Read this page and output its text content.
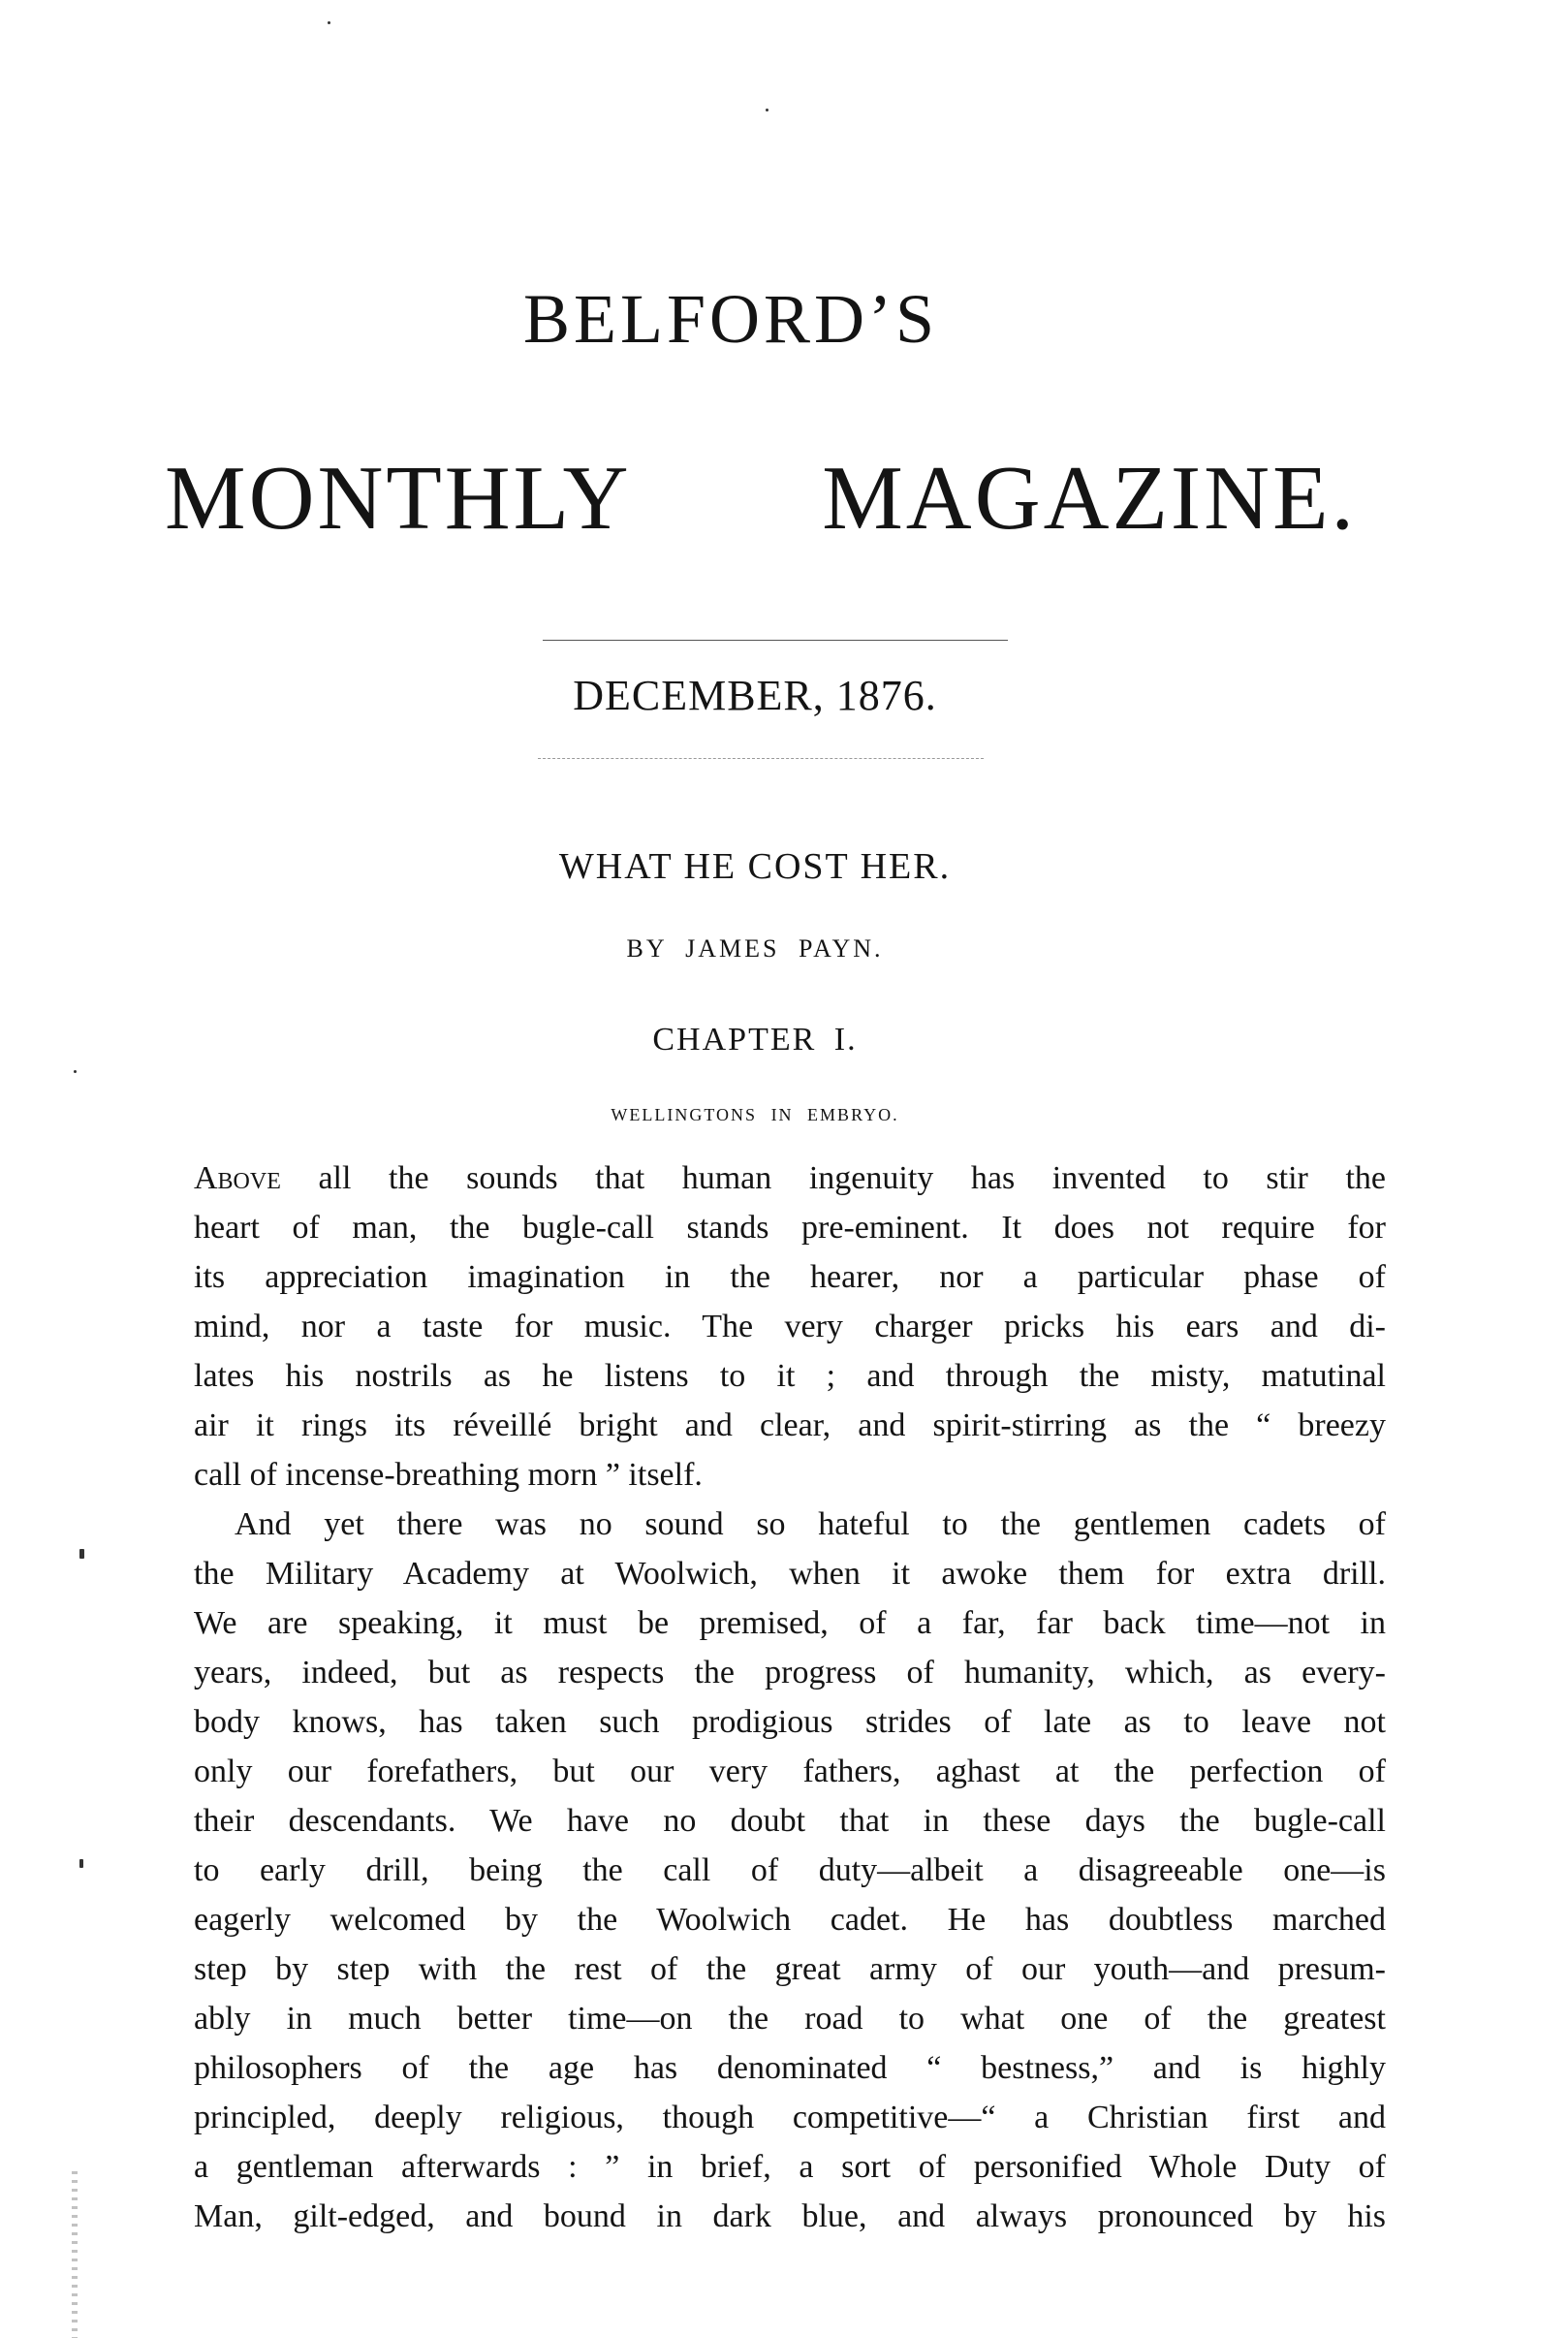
BELFORD’S
MONTHLY MAGAZINE.
DECEMBER, 1876.
WHAT HE COST HER.
BY JAMES PAYN.
CHAPTER I.
WELLINGTONS IN EMBRYO.
Above all the sounds that human ingenuity has invented to stir the
heart of man, the bugle-call stands pre-eminent. It does not require for
its appreciation imagination in the hearer, nor a particular phase of
mind, nor a taste for music. The very charger pricks his ears and di-
lates his nostrils as he listens to it ; and through the misty, matutinal
air it rings its réveillé bright and clear, and spirit-stirring as the “ breezy
call of incense-breathing morn ” itself.
And yet there was no sound so hateful to the gentlemen cadets of
the Military Academy at Woolwich, when it awoke them for extra drill.
We are speaking, it must be premised, of a far, far back time—not in
years, indeed, but as respects the progress of humanity, which, as every-
body knows, has taken such prodigious strides of late as to leave not
only our forefathers, but our very fathers, aghast at the perfection of
their descendants. We have no doubt that in these days the bugle-call
to early drill, being the call of duty—albeit a disagreeable one—is
eagerly welcomed by the Woolwich cadet. He has doubtless marched
step by step with the rest of the great army of our youth—and presum-
ably in much better time—on the road to what one of the greatest
philosophers of the age has denominated “ bestness,” and is highly
principled, deeply religious, though competitive—“ a Christian first and
a gentleman afterwards : ” in brief, a sort of personified Whole Duty of
Man, gilt-edged, and bound in dark blue, and always pronounced by his
